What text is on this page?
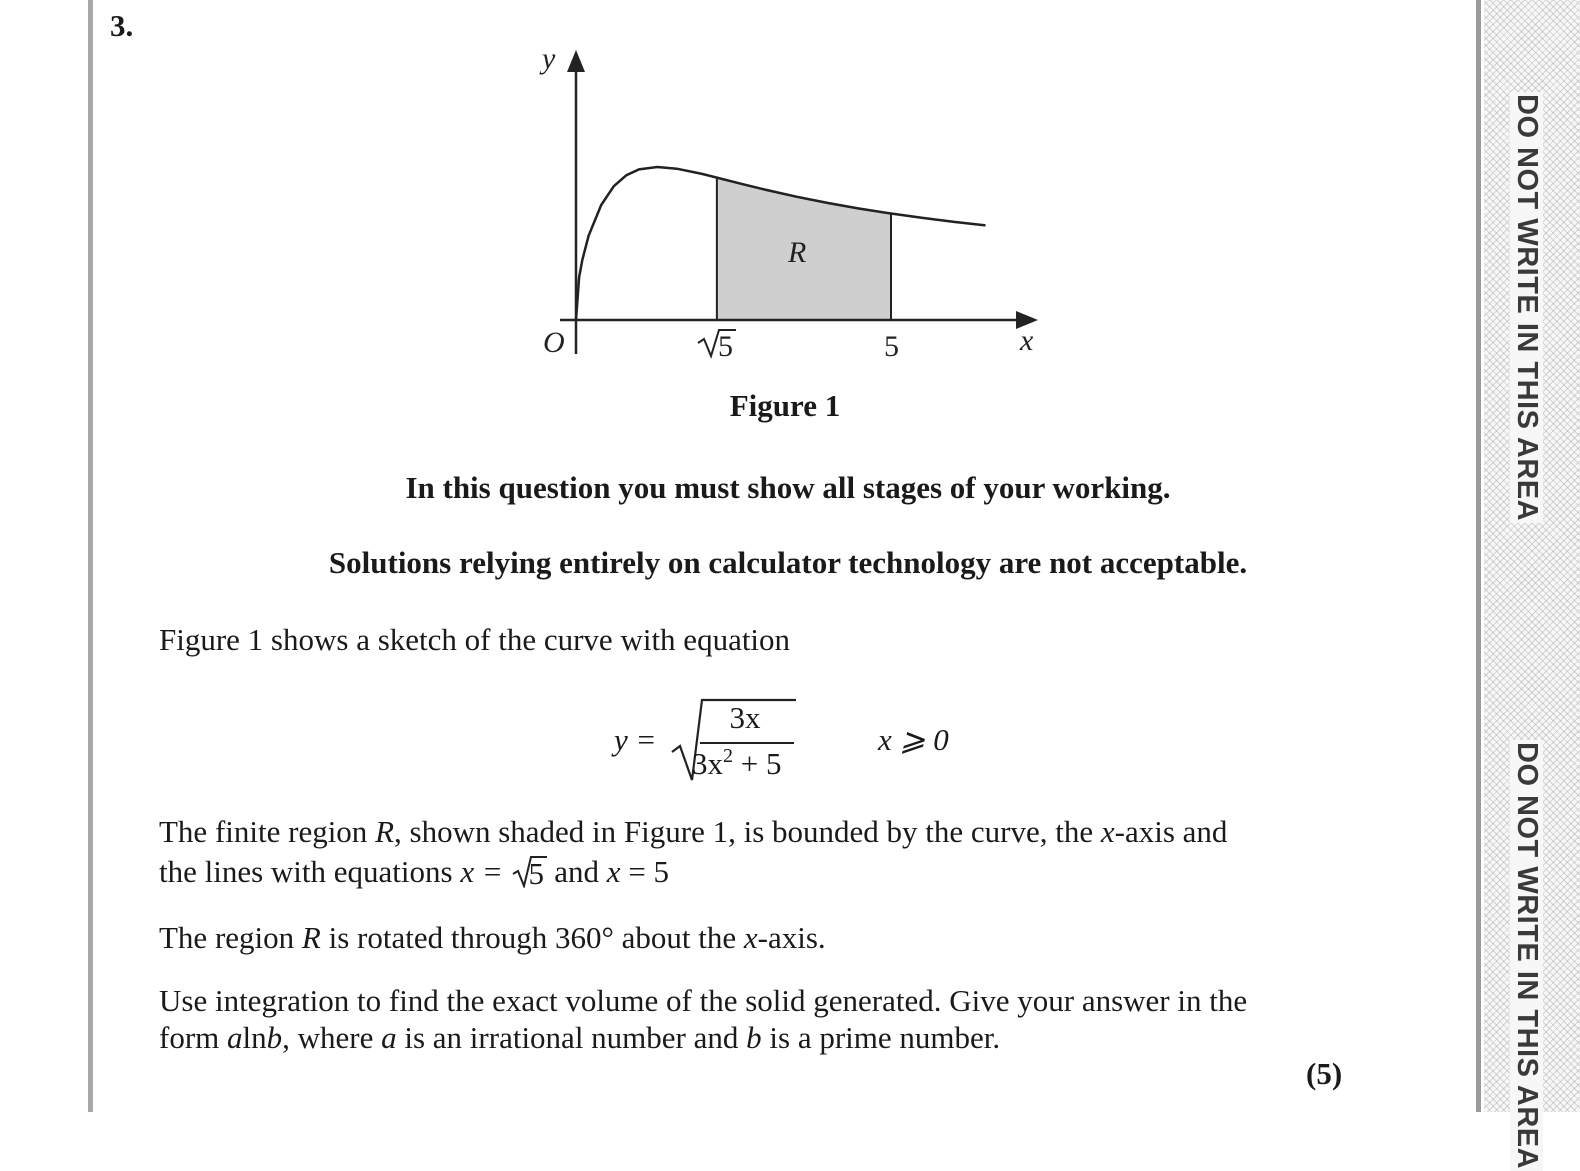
DO NOT WRITE IN THIS AREA
DO NOT WRITE IN THIS AREA
3.
y
O	x
5	5
R
Figure 1
In this question you must show all stages of your working.
Solutions relying entirely on calculator technology are not acceptable.
Figure 1 shows a sketch of the curve with equation
y =
3x
$3x^2 + 5$
x ⩾ 0
The finite region R, shown shaded in Figure 1, is bounded by the curve, the x-axis and
the lines with equations x = 5 and x = 5
The region R is rotated through 360° about the x-axis.
Use integration to find the exact volume of the solid generated. Give your answer in the
form alnb, where a is an irrational number and b is a prime number.
(5)
